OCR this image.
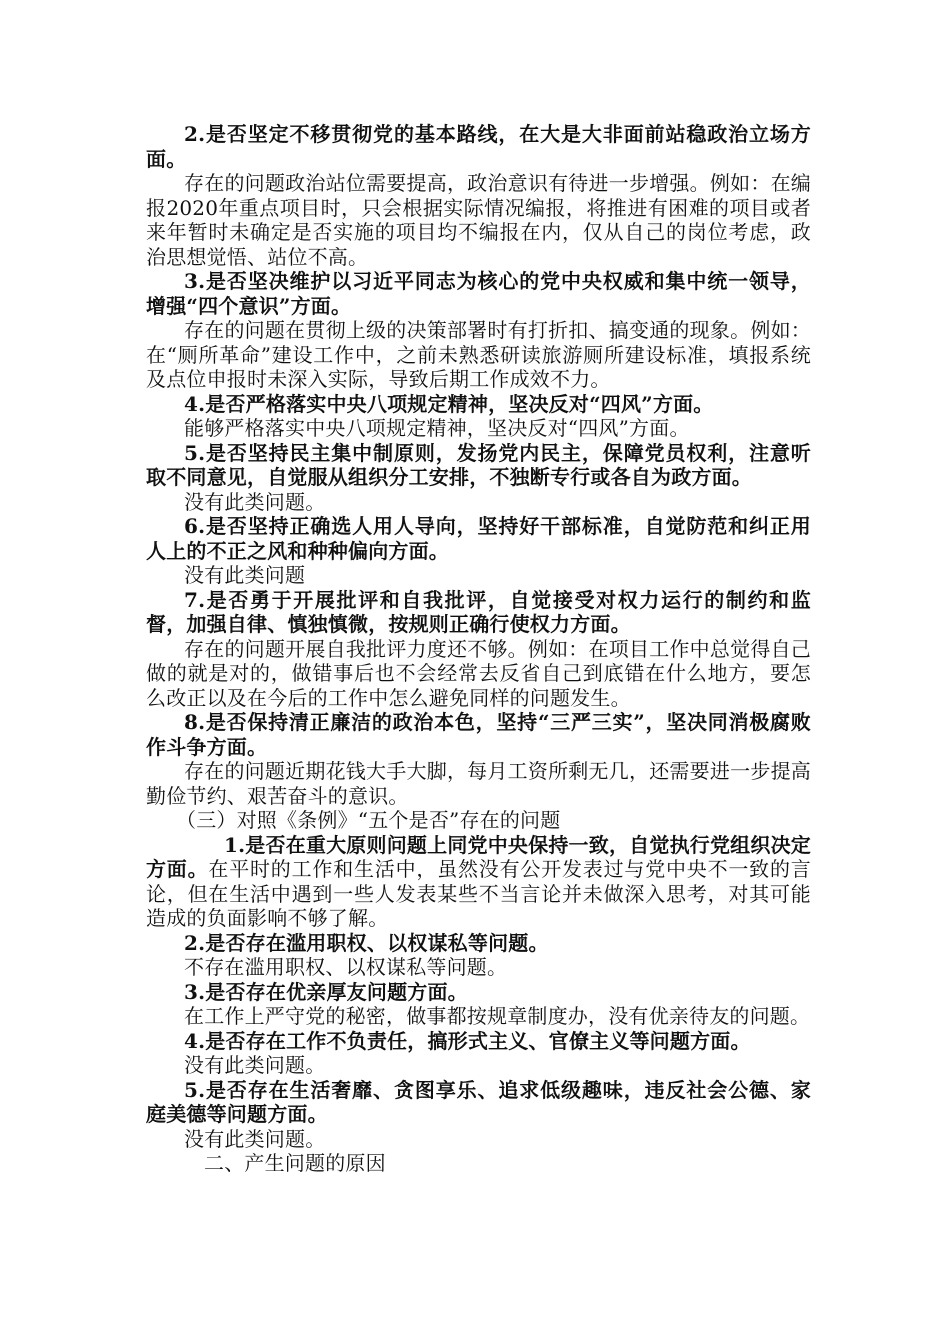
2.是否坚定不移贯彻党的基本路线，在大是大非面前站稳政治立场方面。

存在的问题政治站位需要提高，政治意识有待进一步增强。例如：在编报2020年重点项目时，只会根据实际情况编报，将推进有困难的项目或者来年暂时未确定是否实施的项目均不编报在内，仅从自己的岗位考虑，政治思想觉悟、站位不高。

3.是否坚决维护以习近平同志为核心的党中央权威和集中统一领导，增强“四个意识”方面。

存在的问题在贯彻上级的决策部署时有打折扣、搞变通的现象。例如：在“厕所革命”建设工作中，之前未熟悉研读旅游厕所建设标准，填报系统及点位申报时未深入实际，导致后期工作成效不力。

4.是否严格落实中央八项规定精神，坚决反对“四风”方面。

能够严格落实中央八项规定精神，坚决反对“四风”方面。

5.是否坚持民主集中制原则，发扬党内民主，保障党员权利，注意听取不同意见，自觉服从组织分工安排，不独断专行或各自为政方面。

没有此类问题。

6.是否坚持正确选人用人导向，坚持好干部标准，自觉防范和纠正用人上的不正之风和种种偏向方面。

没有此类问题

7.是否勇于开展批评和自我批评，自觉接受对权力运行的制约和监督，加强自律、慎独慎微，按规则正确行使权力方面。

存在的问题开展自我批评力度还不够。例如：在项目工作中总觉得自己做的就是对的，做错事后也不会经常去反省自己到底错在什么地方，要怎么改正以及在今后的工作中怎么避免同样的问题发生。

8.是否保持清正廉洁的政治本色，坚持“三严三实”，坚决同消极腐败作斗争方面。

存在的问题近期花钱大手大脚，每月工资所剩无几，还需要进一步提高勤俭节约、艰苦奋斗的意识。

（三）对照《条例》“五个是否”存在的问题

1.是否在重大原则问题上同党中央保持一致，自觉执行党组织决定方面。在平时的工作和生活中，虽然没有公开发表过与党中央不一致的言论，但在生活中遇到一些人发表某些不当言论并未做深入思考，对其可能造成的负面影响不够了解。

2.是否存在滥用职权、以权谋私等问题。

不存在滥用职权、以权谋私等问题。

3.是否存在优亲厚友问题方面。

在工作上严守党的秘密，做事都按规章制度办，没有优亲待友的问题。

4.是否存在工作不负责任，搞形式主义、官僚主义等问题方面。

没有此类问题。

5.是否存在生活奢靡、贪图享乐、追求低级趣味，违反社会公德、家庭美德等问题方面。

没有此类问题。

二、产生问题的原因
